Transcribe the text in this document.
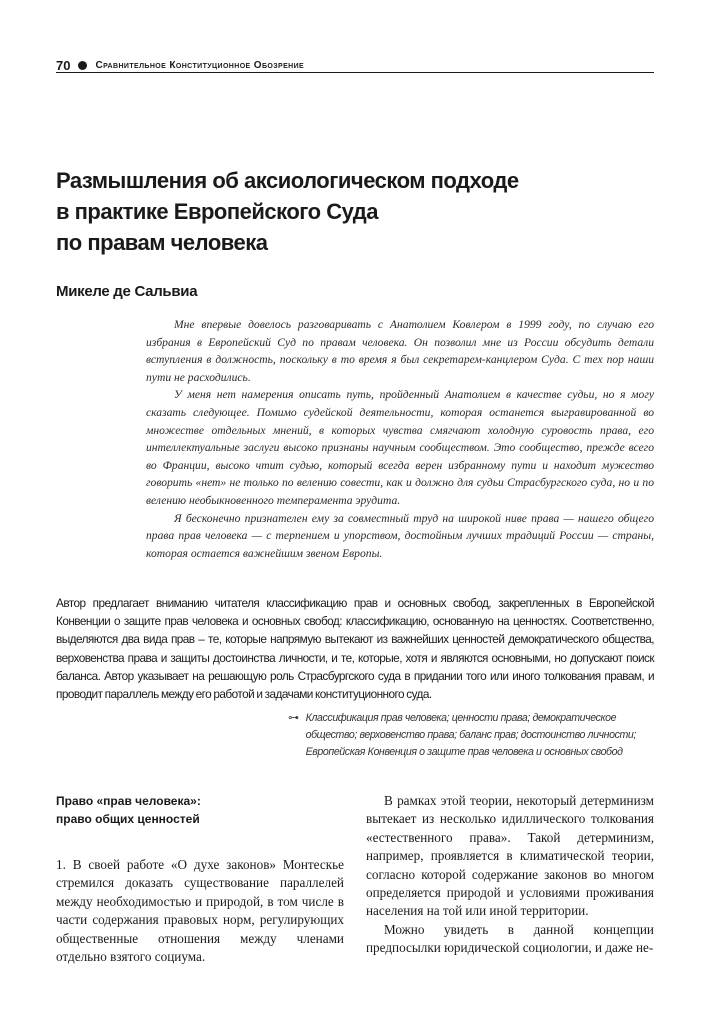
70	Сравнительное Конституционное Обозрение
Размышления об аксиологическом подходе
в практике Европейского Суда
по правам человека
Микеле де Сальвиа

Мне впервые довелось разговаривать с Анатолием Ковлером в 1999 году, по случаю его избрания в Европейский Суд по правам человека. Он позволил мне из России обсудить детали вступления в должность, поскольку в то время я был секретарем-канцлером Суда. С тех пор наши пути не расходились.

У меня нет намерения описать путь, пройденный Анатолием в качестве судьи, но я могу сказать следующее. Помимо судейской деятельности, которая останется выгравированной во множестве отдельных мнений, в которых чувства смягчают холодную суровость права, его интеллектуальные заслуги высоко признаны научным сообществом. Это сообщество, прежде всего во Франции, высоко чтит судью, который всегда верен избранному пути и находит мужество говорить «нет» не только по велению совести, как и должно для судьи Страсбургского суда, но и по велению необыкновенного темперамента эрудита.

Я бесконечно признателен ему за совместный труд на широкой ниве права — нашего общего права прав человека — с терпением и упорством, достойным лучших традиций России — страны, которая остается важнейшим звеном Европы.

Автор предлагает вниманию читателя классификацию прав и основных свобод, закрепленных в Европейской Конвенции о защите прав человека и основных свобод: классификацию, основанную на ценностях. Соответственно, выделяются два вида прав – те, которые напрямую вытекают из важнейших ценностей демократического общества, верховенства права и защиты достоинства личности, и те, которые, хотя и являются основными, но допускают поиск баланса. Автор указывает на решающую роль Страсбургского суда в придании того или иного толкования правам, и проводит параллель между его работой и задачами конституционного суда.

⊶ Классификация прав человека; ценности права; демократическое
общество; верховенство права; баланс прав; достоинство личности;
Европейская Конвенция о защите прав человека и основных свобод
Право «прав человека»:
право общих ценностей

1. В своей работе «О духе законов» Монтескье стремился доказать существование параллелей между необходимостью и природой, в том числе в части содержания правовых норм, регулирующих общественные отношения между членами отдельно взятого социума.

В рамках этой теории, некоторый детерминизм вытекает из несколько идиллического толкования «естественного права». Такой детерминизм, например, проявляется в климатической теории, согласно которой содержание законов во многом определяется природой и условиями проживания населения на той или иной территории.

Можно увидеть в данной концепции предпосылки юридической социологии, и даже не-
